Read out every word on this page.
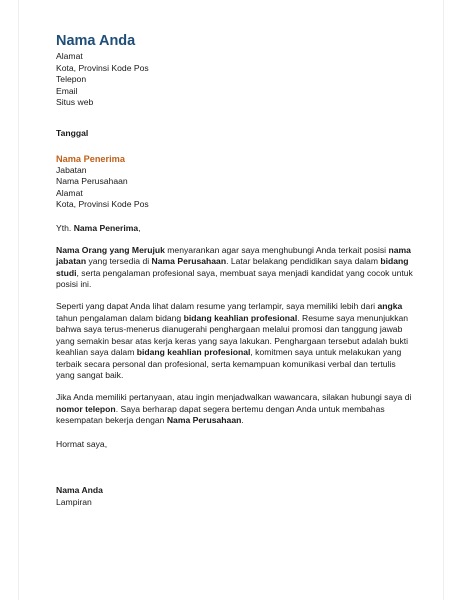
Nama Anda
Alamat
Kota, Provinsi Kode Pos
Telepon
Email
Situs web
Tanggal
Nama Penerima
Jabatan
Nama Perusahaan
Alamat
Kota, Provinsi Kode Pos
Yth. Nama Penerima,

Nama Orang yang Merujuk menyarankan agar saya menghubungi Anda terkait posisi nama jabatan yang tersedia di Nama Perusahaan. Latar belakang pendidikan saya dalam bidang studi, serta pengalaman profesional saya, membuat saya menjadi kandidat yang cocok untuk posisi ini.

Seperti yang dapat Anda lihat dalam resume yang terlampir, saya memiliki lebih dari angka tahun pengalaman dalam bidang bidang keahlian profesional. Resume saya menunjukkan bahwa saya terus-menerus dianugerahi penghargaan melalui promosi dan tanggung jawab yang semakin besar atas kerja keras yang saya lakukan. Penghargaan tersebut adalah bukti keahlian saya dalam bidang keahlian profesional, komitmen saya untuk melakukan yang terbaik secara personal dan profesional, serta kemampuan komunikasi verbal dan tertulis yang sangat baik.

Jika Anda memiliki pertanyaan, atau ingin menjadwalkan wawancara, silakan hubungi saya di nomor telepon. Saya berharap dapat segera bertemu dengan Anda untuk membahas kesempatan bekerja dengan Nama Perusahaan.

Hormat saya,
Nama Anda
Lampiran
